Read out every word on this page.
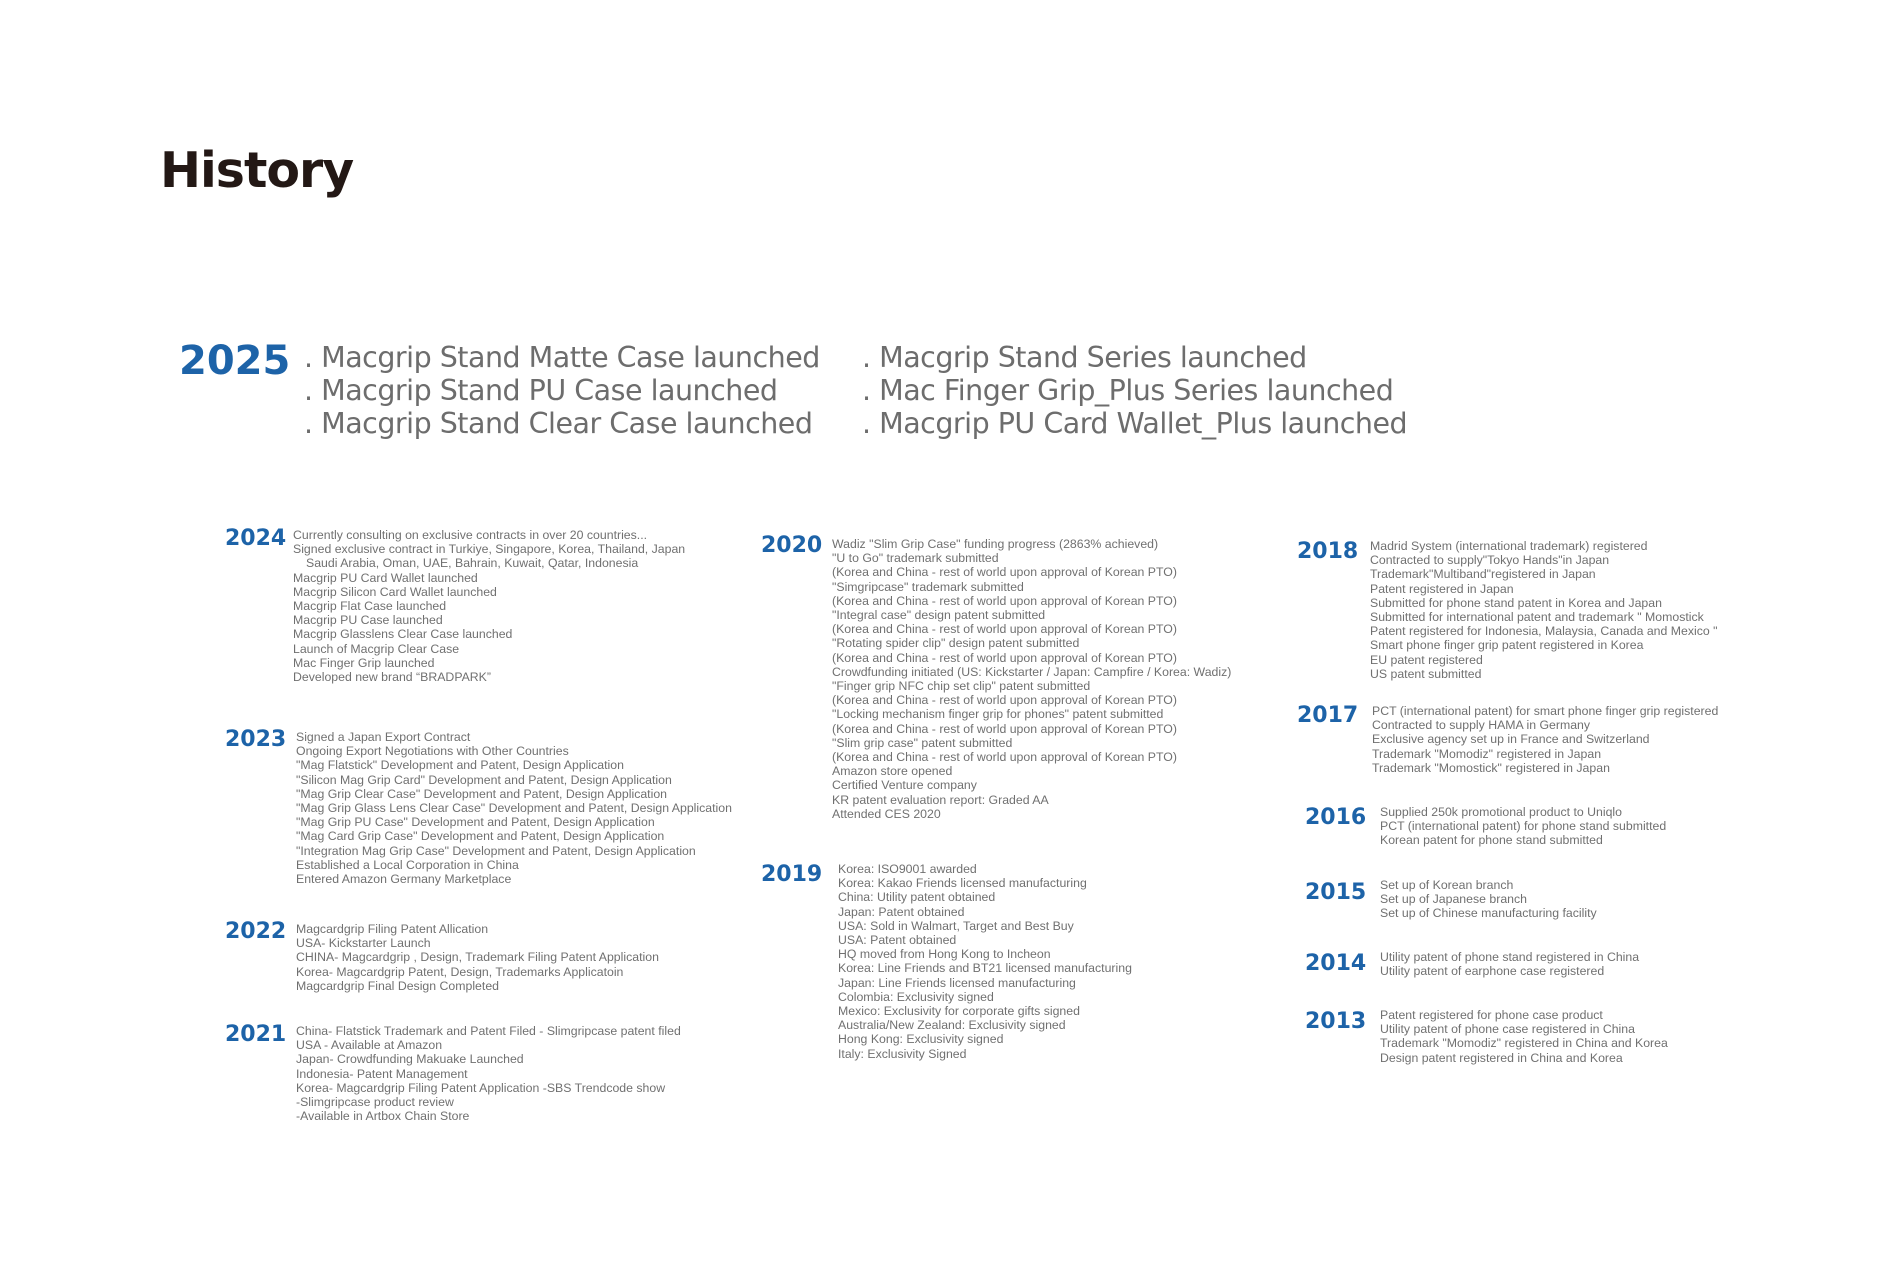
History
2025 . Macgrip Stand Matte Case launched
. Macgrip Stand PU Case launched
. Macgrip Stand Clear Case launched
. Macgrip Stand Series launched
. Mac Finger Grip_Plus Series launched
. Macgrip PU Card Wallet_Plus launched
2024 Currently consulting on exclusive contracts in over 20 countries...
Signed exclusive contract in Turkiye, Singapore, Korea, Thailand, Japan
Saudi Arabia, Oman, UAE, Bahrain, Kuwait, Qatar, Indonesia
Macgrip PU Card Wallet launched
Macgrip Silicon Card Wallet launched
Macgrip Flat Case launched
Macgrip PU Case launched
Macgrip Glasslens Clear Case launched
Launch of Macgrip Clear Case
Mac Finger Grip launched
Developed new brand “BRADPARK”
2023 Signed a Japan Export Contract
Ongoing Export Negotiations with Other Countries
"Mag Flatstick" Development and Patent, Design Application
"Silicon Mag Grip Card" Development and Patent, Design Application
"Mag Grip Clear Case" Development and Patent, Design Application
"Mag Grip Glass Lens Clear Case" Development and Patent, Design Application
"Mag Grip PU Case" Development and Patent, Design Application
"Mag Card Grip Case" Development and Patent, Design Application
"Integration Mag Grip Case" Development and Patent, Design Application
Established a Local Corporation in China
Entered Amazon Germany Marketplace
2022 Magcardgrip Filing Patent Allication
USA- Kickstarter Launch
CHINA- Magcardgrip , Design, Trademark Filing Patent Application
Korea- Magcardgrip Patent, Design, Trademarks Applicatoin
Magcardgrip Final Design Completed
2021 China- Flatstick Trademark and Patent Filed - Slimgripcase patent filed
USA - Available at Amazon
Japan- Crowdfunding Makuake Launched
Indonesia- Patent Management
Korea- Magcardgrip Filing Patent Application -SBS Trendcode show
-Slimgripcase product review
-Available in Artbox Chain Store
2020 Wadiz "Slim Grip Case" funding progress (2863% achieved)
"U to Go" trademark submitted
(Korea and China - rest of world upon approval of Korean PTO)
"Simgripcase" trademark submitted
(Korea and China - rest of world upon approval of Korean PTO)
"Integral case" design patent submitted
(Korea and China - rest of world upon approval of Korean PTO)
"Rotating spider clip" design patent submitted
(Korea and China - rest of world upon approval of Korean PTO)
Crowdfunding initiated (US: Kickstarter / Japan: Campfire / Korea: Wadiz)
"Finger grip NFC chip set clip" patent submitted
(Korea and China - rest of world upon approval of Korean PTO)
"Locking mechanism finger grip for phones" patent submitted
(Korea and China - rest of world upon approval of Korean PTO)
"Slim grip case" patent submitted
(Korea and China - rest of world upon approval of Korean PTO)
Amazon store opened
Certified Venture company
KR patent evaluation report: Graded AA
Attended CES 2020
2019 Korea: ISO9001 awarded
Korea: Kakao Friends licensed manufacturing
China: Utility patent obtained
Japan: Patent obtained
USA: Sold in Walmart, Target and Best Buy
USA: Patent obtained
HQ moved from Hong Kong to Incheon
Korea: Line Friends and BT21 licensed manufacturing
Japan: Line Friends licensed manufacturing
Colombia: Exclusivity signed
Mexico: Exclusivity for corporate gifts signed
Australia/New Zealand: Exclusivity signed
Hong Kong: Exclusivity signed
Italy: Exclusivity Signed
2018 Madrid System (international trademark) registered
Contracted to supply"Tokyo Hands"in Japan
Trademark"Multiband"registered in Japan
Patent registered in Japan
Submitted for phone stand patent in Korea and Japan
Submitted for international patent and trademark " Momostick
Patent registered for Indonesia, Malaysia, Canada and Mexico "
Smart phone finger grip patent registered in Korea
EU patent registered
US patent submitted
2017 PCT (international patent) for smart phone finger grip registered
Contracted to supply HAMA in Germany
Exclusive agency set up in France and Switzerland
Trademark "Momodiz" registered in Japan
Trademark "Momostick" registered in Japan
2016 Supplied 250k promotional product to Uniqlo
PCT (international patent) for phone stand submitted
Korean patent for phone stand submitted
2015 Set up of Korean branch
Set up of Japanese branch
Set up of Chinese manufacturing facility
2014 Utility patent of phone stand registered in China
Utility patent of earphone case registered
2013 Patent registered for phone case product
Utility patent of phone case registered in China
Trademark "Momodiz" registered in China and Korea
Design patent registered in China and Korea
